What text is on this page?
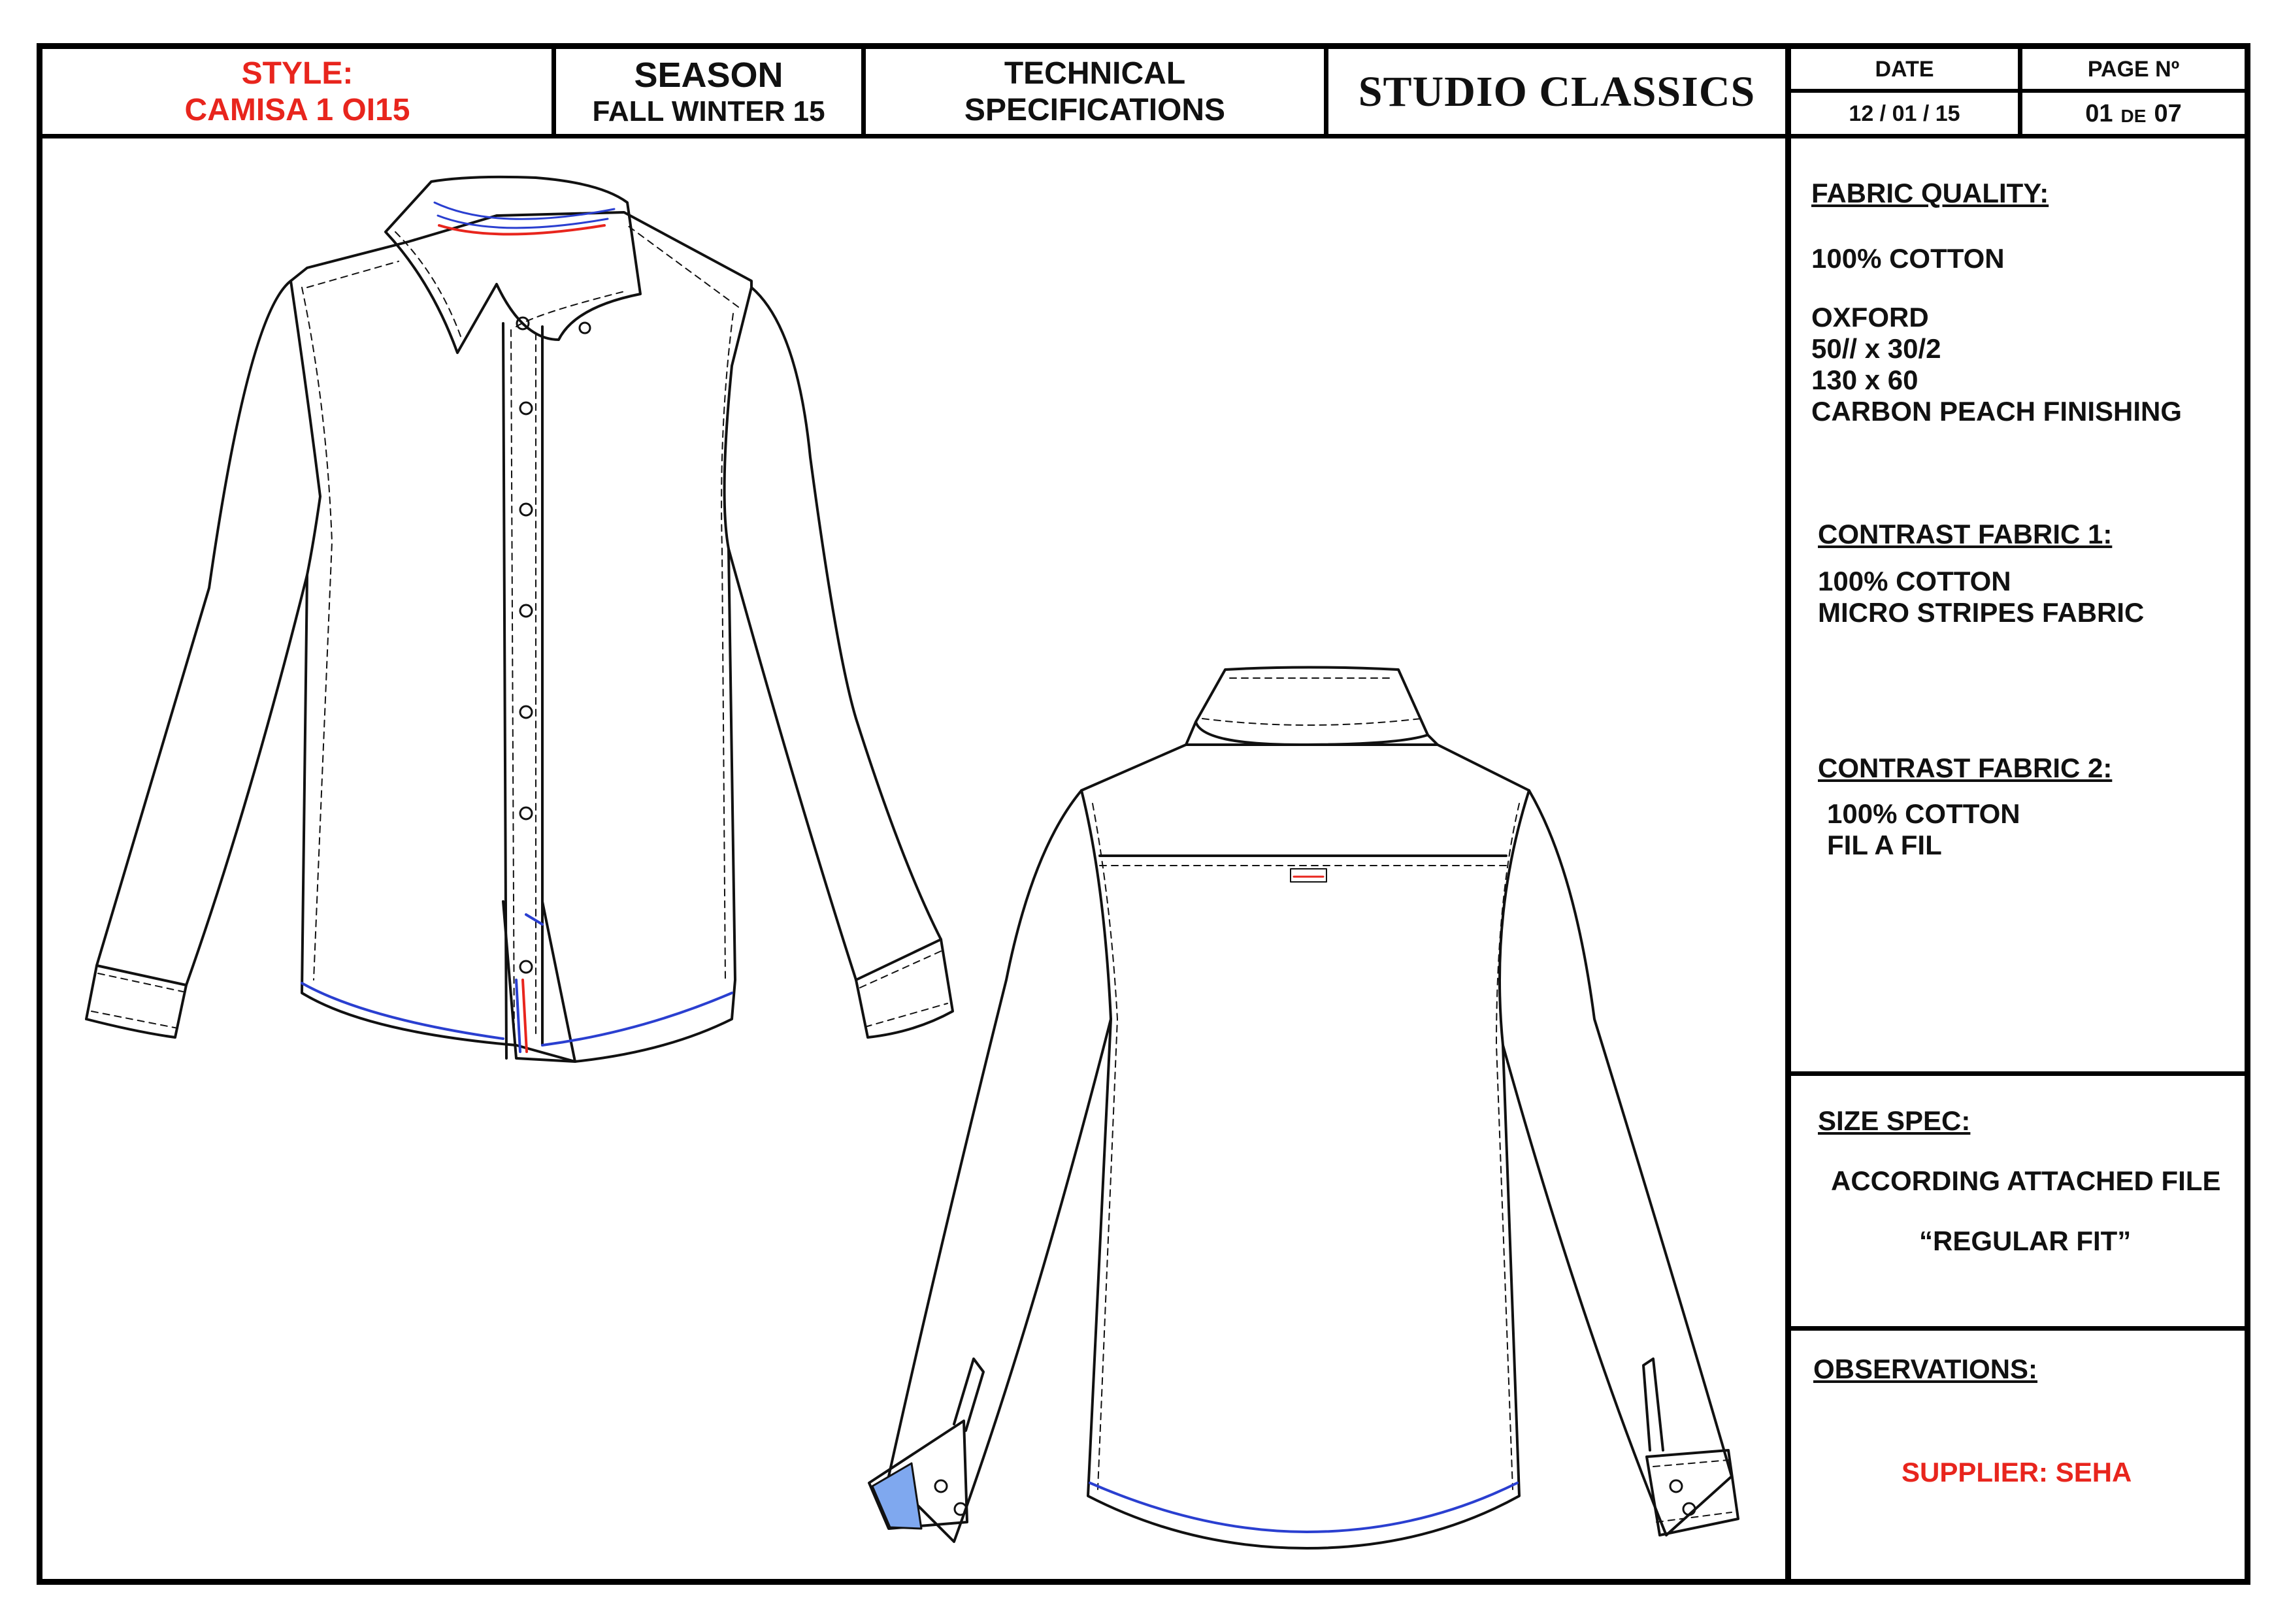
STYLE:
CAMISA 1 OI15
SEASON
FALL WINTER 15
TECHNICAL
SPECIFICATIONS	STUDIO CLASSICS	DATE
12 / 01 / 15
PAGE Nº
01 DE 07

FABRIC QUALITY:

100% COTTON

OXFORD

50// x 30/2

130 x 60

CARBON PEACH FINISHING

CONTRAST FABRIC 1:

100% COTTON

MICRO STRIPES FABRIC

CONTRAST FABRIC 2:

100% COTTON

FIL A FIL

SIZE SPEC:

ACCORDING ATTACHED FILE

“REGULAR FIT”

OBSERVATIONS:

SUPPLIER: SEHA
